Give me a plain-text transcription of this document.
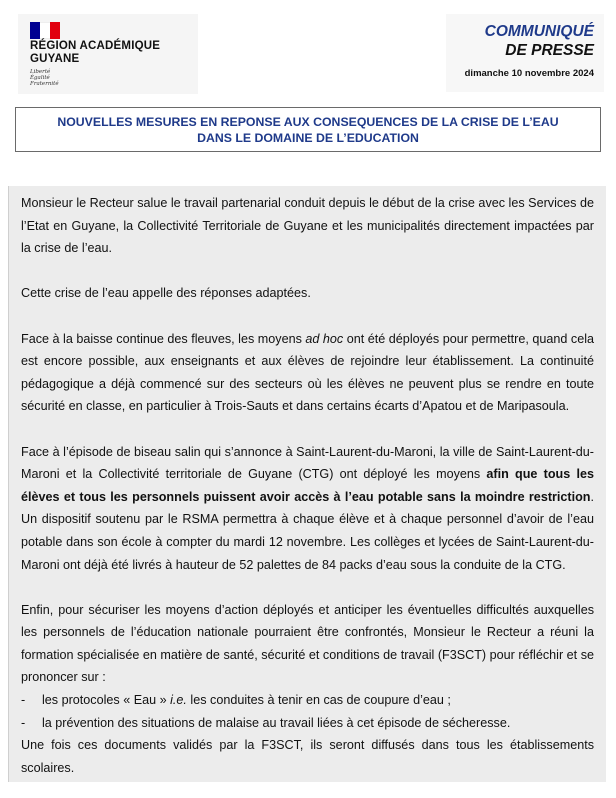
RÉGION ACADÉMIQUE
GUYANE
Liberté
Égalité
Fraternité
COMMUNIQUÉ
DE PRESSE
dimanche 10 novembre 2024
NOUVELLES MESURES EN REPONSE AUX CONSEQUENCES DE LA CRISE DE L’EAU
DANS LE DOMAINE DE L’EDUCATION

Monsieur le Recteur salue le travail partenarial conduit depuis le début de la crise avec les Services de l’Etat en Guyane, la Collectivité Territoriale de Guyane et les municipalités directement impactées par la crise de l’eau.

Cette crise de l’eau appelle des réponses adaptées.

Face à la baisse continue des fleuves, les moyens ad hoc ont été déployés pour permettre, quand cela est encore possible, aux enseignants et aux élèves de rejoindre leur établissement. La continuité pédagogique a déjà commencé sur des secteurs où les élèves ne peuvent plus se rendre en toute sécurité en classe, en particulier à Trois-Sauts et dans certains écarts d’Apatou et de Maripasoula.

Face à l’épisode de biseau salin qui s’annonce à Saint-Laurent-du-Maroni, la ville de Saint-Laurent-du-Maroni et la Collectivité territoriale de Guyane (CTG) ont déployé les moyens afin que tous les élèves et tous les personnels puissent avoir accès à l’eau potable sans la moindre restriction. Un dispositif soutenu par le RSMA permettra à chaque élève et à chaque personnel d’avoir de l’eau potable dans son école à compter du mardi 12 novembre. Les collèges et lycées de Saint-Laurent-du-Maroni ont déjà été livrés à hauteur de 52 palettes de 84 packs d’eau sous la conduite de la CTG.

Enfin, pour sécuriser les moyens d’action déployés et anticiper les éventuelles difficultés auxquelles les personnels de l’éducation nationale pourraient être confrontés, Monsieur le Recteur a réuni la formation spécialisée en matière de santé, sécurité et conditions de travail (F3SCT) pour réfléchir et se prononcer sur :

- les protocoles « Eau » i.e. les conduites à tenir en cas de coupure d’eau ;
- la prévention des situations de malaise au travail liées à cet épisode de sécheresse.

Une fois ces documents validés par la F3SCT, ils seront diffusés dans tous les établissements scolaires.
